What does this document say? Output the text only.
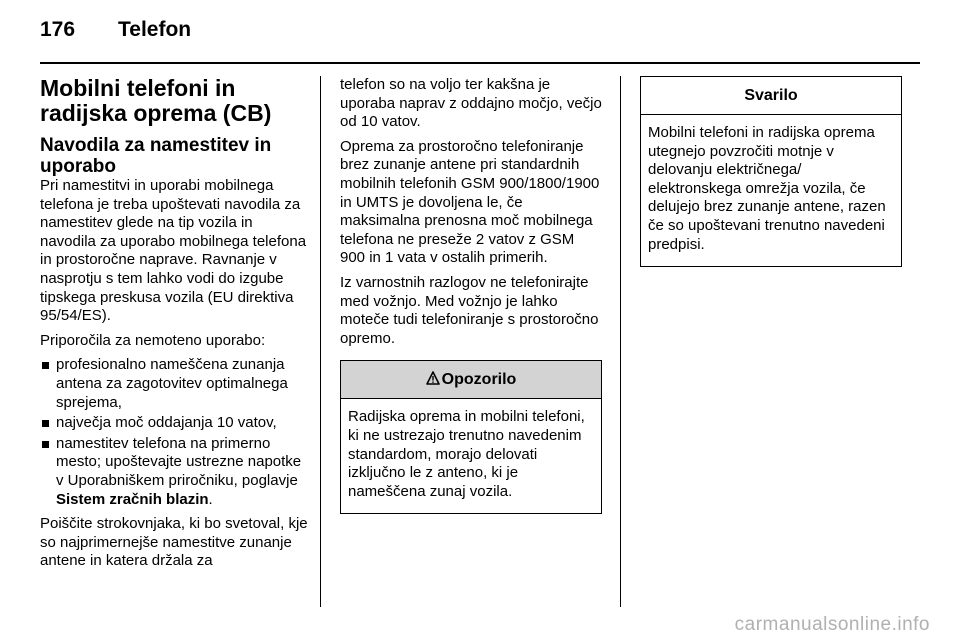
176 Telefon
Mobilni telefoni in radijska oprema (CB)
Navodila za namestitev in uporabo

Pri namestitvi in uporabi mobilnega telefona je treba upoštevati navodila za namestitev glede na tip vozila in navodila za uporabo mobilnega telefona in prostoročne naprave. Ravnanje v nasprotju s tem lahko vodi do izgube tipskega preskusa vozila (EU direktiva 95/54/ES).

Priporočila za nemoteno uporabo:

profesionalno nameščena zunanja antena za zagotovitev optimalnega sprejema,
največja moč oddajanja 10 vatov,
namestitev telefona na primerno mesto; upoštevajte ustrezne napotke v Uporabniškem priročniku, poglavje Sistem zračnih blazin.

Poiščite strokovnjaka, ki bo svetoval, kje so najprimernejše namestitve zunanje antene in katera držala za

telefon so na voljo ter kakšna je uporaba naprav z oddajno močjo, večjo od 10 vatov.

Oprema za prostoročno telefoniranje brez zunanje antene pri standardnih mobilnih telefonih GSM 900/1800/1900 in UMTS je dovoljena le, če maksimalna prenosna moč mobilnega telefona ne preseže 2 vatov z GSM 900 in 1 vata v ostalih primerih.

Iz varnostnih razlogov ne telefonirajte med vožnjo. Med vožnjo je lahko moteče tudi telefoniranje s prostoročno opremo.

Opozorilo
Radijska oprema in mobilni telefoni, ki ne ustrezajo trenutno navedenim standardom, morajo delovati izključno le z anteno, ki je nameščena zunaj vozila.
Svarilo
Mobilni telefoni in radijska oprema utegnejo povzročiti motnje v delovanju električnega/ elektronskega omrežja vozila, če delujejo brez zunanje antene, razen če so upoštevani trenutno navedeni predpisi.
carmanualsonline.info
